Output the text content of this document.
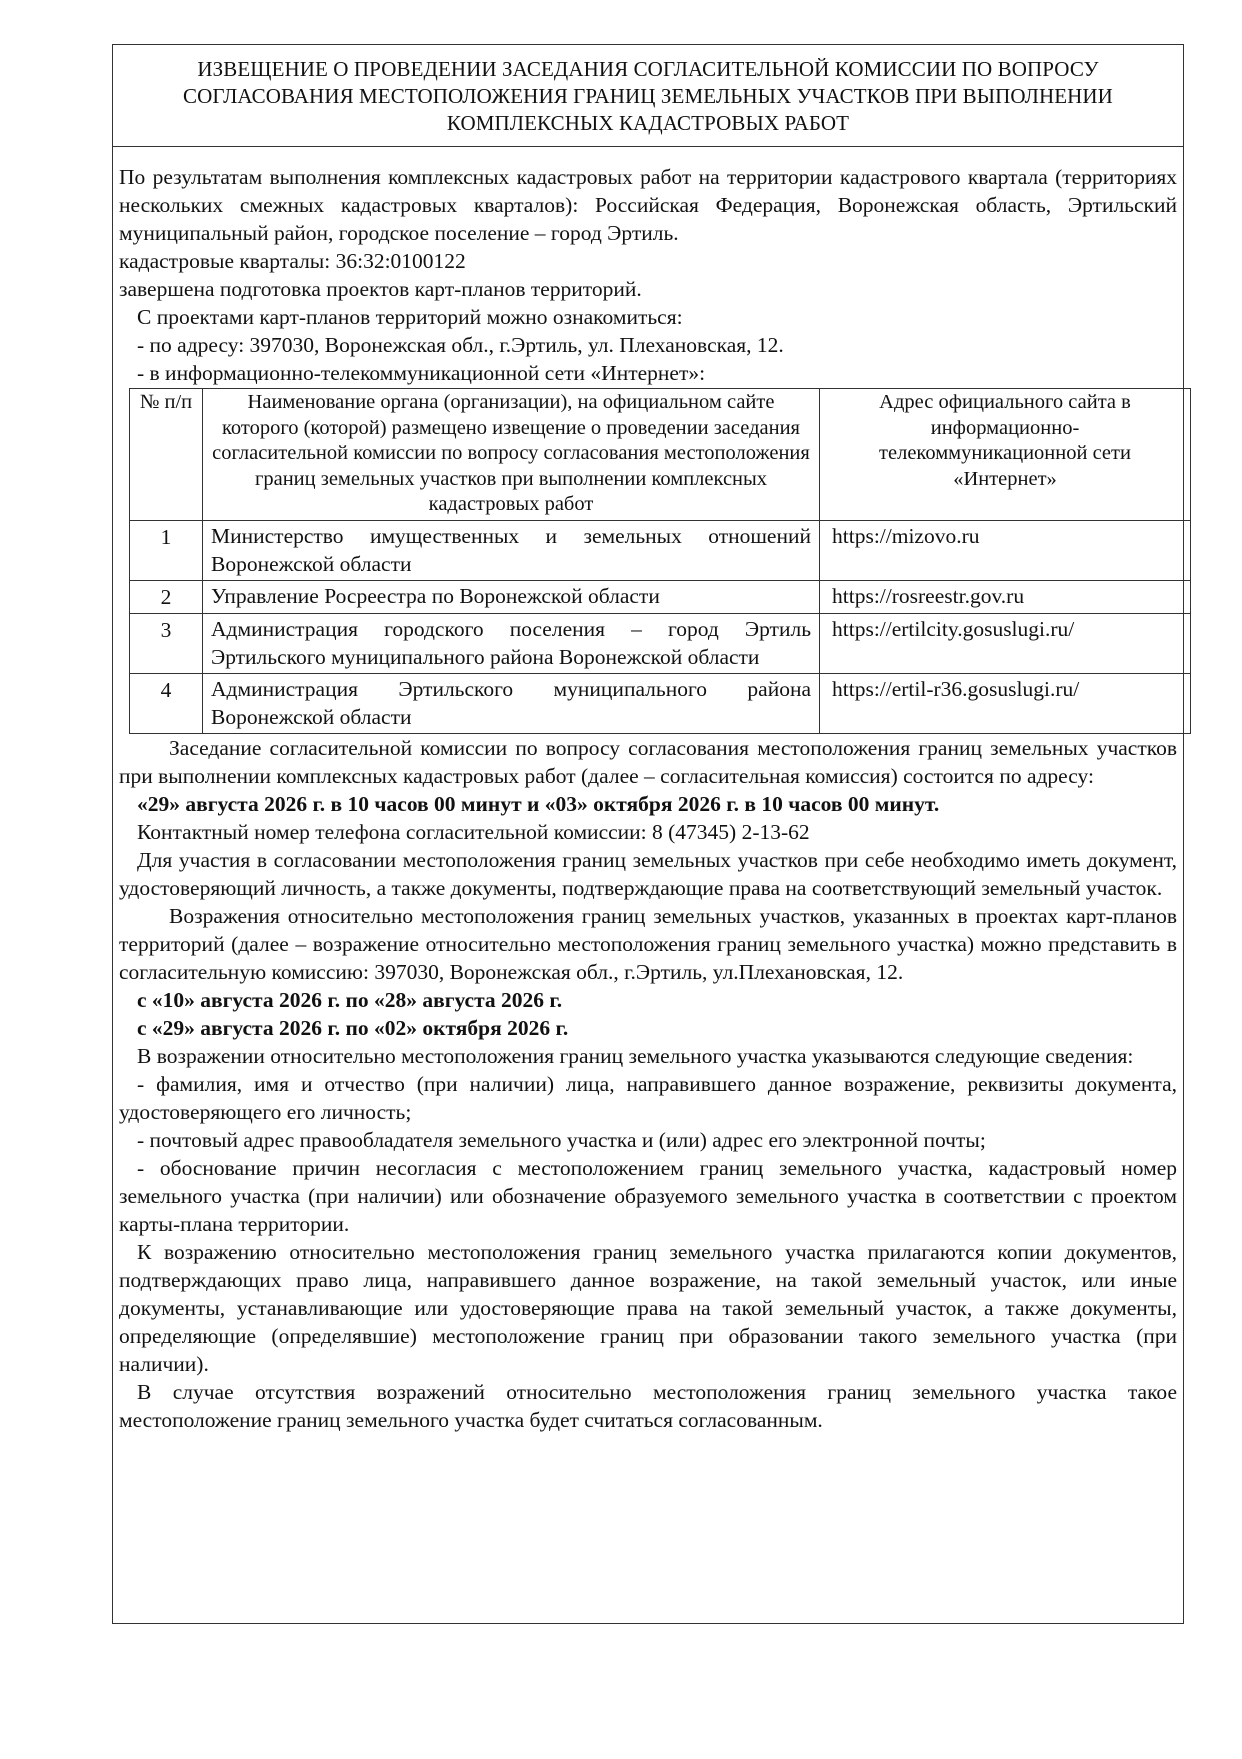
ИЗВЕЩЕНИЕ О ПРОВЕДЕНИИ ЗАСЕДАНИЯ СОГЛАСИТЕЛЬНОЙ КОМИССИИ ПО ВОПРОСУ
СОГЛАСОВАНИЯ МЕСТОПОЛОЖЕНИЯ ГРАНИЦ ЗЕМЕЛЬНЫХ УЧАСТКОВ ПРИ ВЫПОЛНЕНИИ
КОМПЛЕКСНЫХ КАДАСТРОВЫХ РАБОТ

По результатам выполнения комплексных кадастровых работ на территории кадастрового квартала (территориях нескольких смежных кадастровых кварталов): Российская Федерация, Воронежская область, Эртильский муниципальный район, городское поселение – город Эртиль.

кадастровые кварталы: 36:32:0100122

завершена подготовка проектов карт-планов территорий.

С проектами карт-планов территорий можно ознакомиться:

- по адресу: 397030, Воронежская обл., г.Эртиль, ул. Плехановская, 12.

- в информационно-телекоммуникационной сети «Интернет»:

№ п/п	Наименование органа (организации), на официальном сайте которого (которой) размещено извещение о проведении заседания согласительной комиссии по вопросу согласования местоположения границ земельных участков при выполнении комплексных кадастровых работ	Адрес официального сайта в информационно-телекоммуникационной сети «Интернет»
1	Министерство имущественных и земельных отношений Воронежской области	https://mizovo.ru
2	Управление Росреестра по Воронежской области	https://rosreestr.gov.ru
3	Администрация городского поселения – город Эртиль Эртильского муниципального района Воронежской области	https://ertilcity.gosuslugi.ru/
4	Администрация Эртильского муниципального района Воронежской области	https://ertil-r36.gosuslugi.ru/

Заседание согласительной комиссии по вопросу согласования местоположения границ земельных участков при выполнении комплексных кадастровых работ (далее – согласительная комиссия) состоится по адресу:

«29» августа 2026 г. в 10 часов 00 минут и «03» октября 2026 г. в 10 часов 00 минут.

Контактный номер телефона согласительной комиссии: 8 (47345) 2-13-62

Для участия в согласовании местоположения границ земельных участков при себе необходимо иметь документ, удостоверяющий личность, а также документы, подтверждающие права на соответствующий земельный участок.

Возражения относительно местоположения границ земельных участков, указанных в проектах карт-планов территорий (далее – возражение относительно местоположения границ земельного участка) можно представить в согласительную комиссию: 397030, Воронежская обл., г.Эртиль, ул.Плехановская, 12.

с «10» августа 2026 г. по «28» августа 2026 г.

с «29» августа 2026 г. по «02» октября 2026 г.

В возражении относительно местоположения границ земельного участка указываются следующие сведения:

- фамилия, имя и отчество (при наличии) лица, направившего данное возражение, реквизиты документа, удостоверяющего его личность;

- почтовый адрес правообладателя земельного участка и (или) адрес его электронной почты;

- обоснование причин несогласия с местоположением границ земельного участка, кадастровый номер земельного участка (при наличии) или обозначение образуемого земельного участка в соответствии с проектом карты-плана территории.

К возражению относительно местоположения границ земельного участка прилагаются копии документов, подтверждающих право лица, направившего данное возражение, на такой земельный участок, или иные документы, устанавливающие или удостоверяющие права на такой земельный участок, а также документы, определяющие (определявшие) местоположение границ при образовании такого земельного участка (при наличии).

В случае отсутствия возражений относительно местоположения границ земельного участка такое местоположение границ земельного участка будет считаться согласованным.
